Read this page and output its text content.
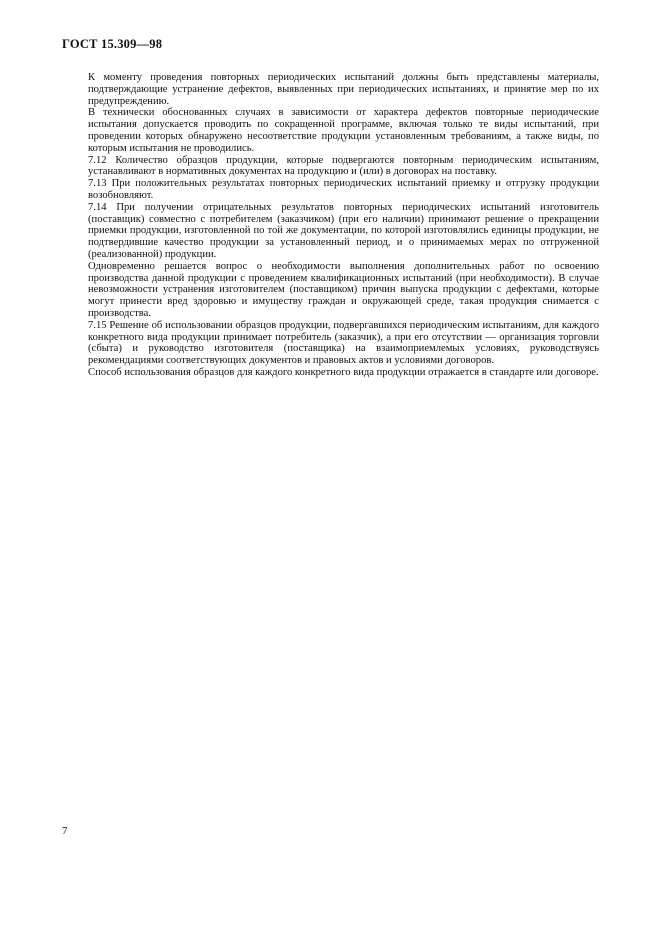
ГОСТ 15.309—98

К моменту проведения повторных периодических испытаний должны быть представлены материалы, подтверждающие устранение дефектов, выявленных при периодических испытаниях, и принятие мер по их предупреждению.

В технически обоснованных случаях в зависимости от характера дефектов повторные периодические испытания допускается проводить по сокращенной программе, включая только те виды испытаний, при проведении которых обнаружено несоответствие продукции установленным требованиям, а также виды, по которым испытания не проводились.

7.12 Количество образцов продукции, которые подвергаются повторным периодическим испытаниям, устанавливают в нормативных документах на продукцию и (или) в договорах на поставку.

7.13 При положительных результатах повторных периодических испытаний приемку и отгрузку продукции возобновляют.

7.14 При получении отрицательных результатов повторных периодических испытаний изготовитель (поставщик) совместно с потребителем (заказчиком) (при его наличии) принимают решение о прекращении приемки продукции, изготовленной по той же документации, по которой изготовлялись единицы продукции, не подтвердившие качество продукции за установленный период, и о принимаемых мерах по отгруженной (реализованной) продукции.

Одновременно решается вопрос о необходимости выполнения дополнительных работ по освоению производства данной продукции с проведением квалификационных испытаний (при необходимости). В случае невозможности устранения изготовителем (поставщиком) причин выпуска продукции с дефектами, которые могут принести вред здоровью и имуществу граждан и окружающей среде, такая продукция снимается с производства.

7.15 Решение об использовании образцов продукции, подвергавшихся периодическим испытаниям, для каждого конкретного вида продукции принимает потребитель (заказчик), а при его отсутствии — организация торговли (сбыта) и руководство изготовителя (поставщика) на взаимоприемлемых условиях, руководствуясь рекомендациями соответствующих документов и правовых актов и условиями договоров.

Способ использования образцов для каждого конкретного вида продукции отражается в стандарте или договоре.

7
